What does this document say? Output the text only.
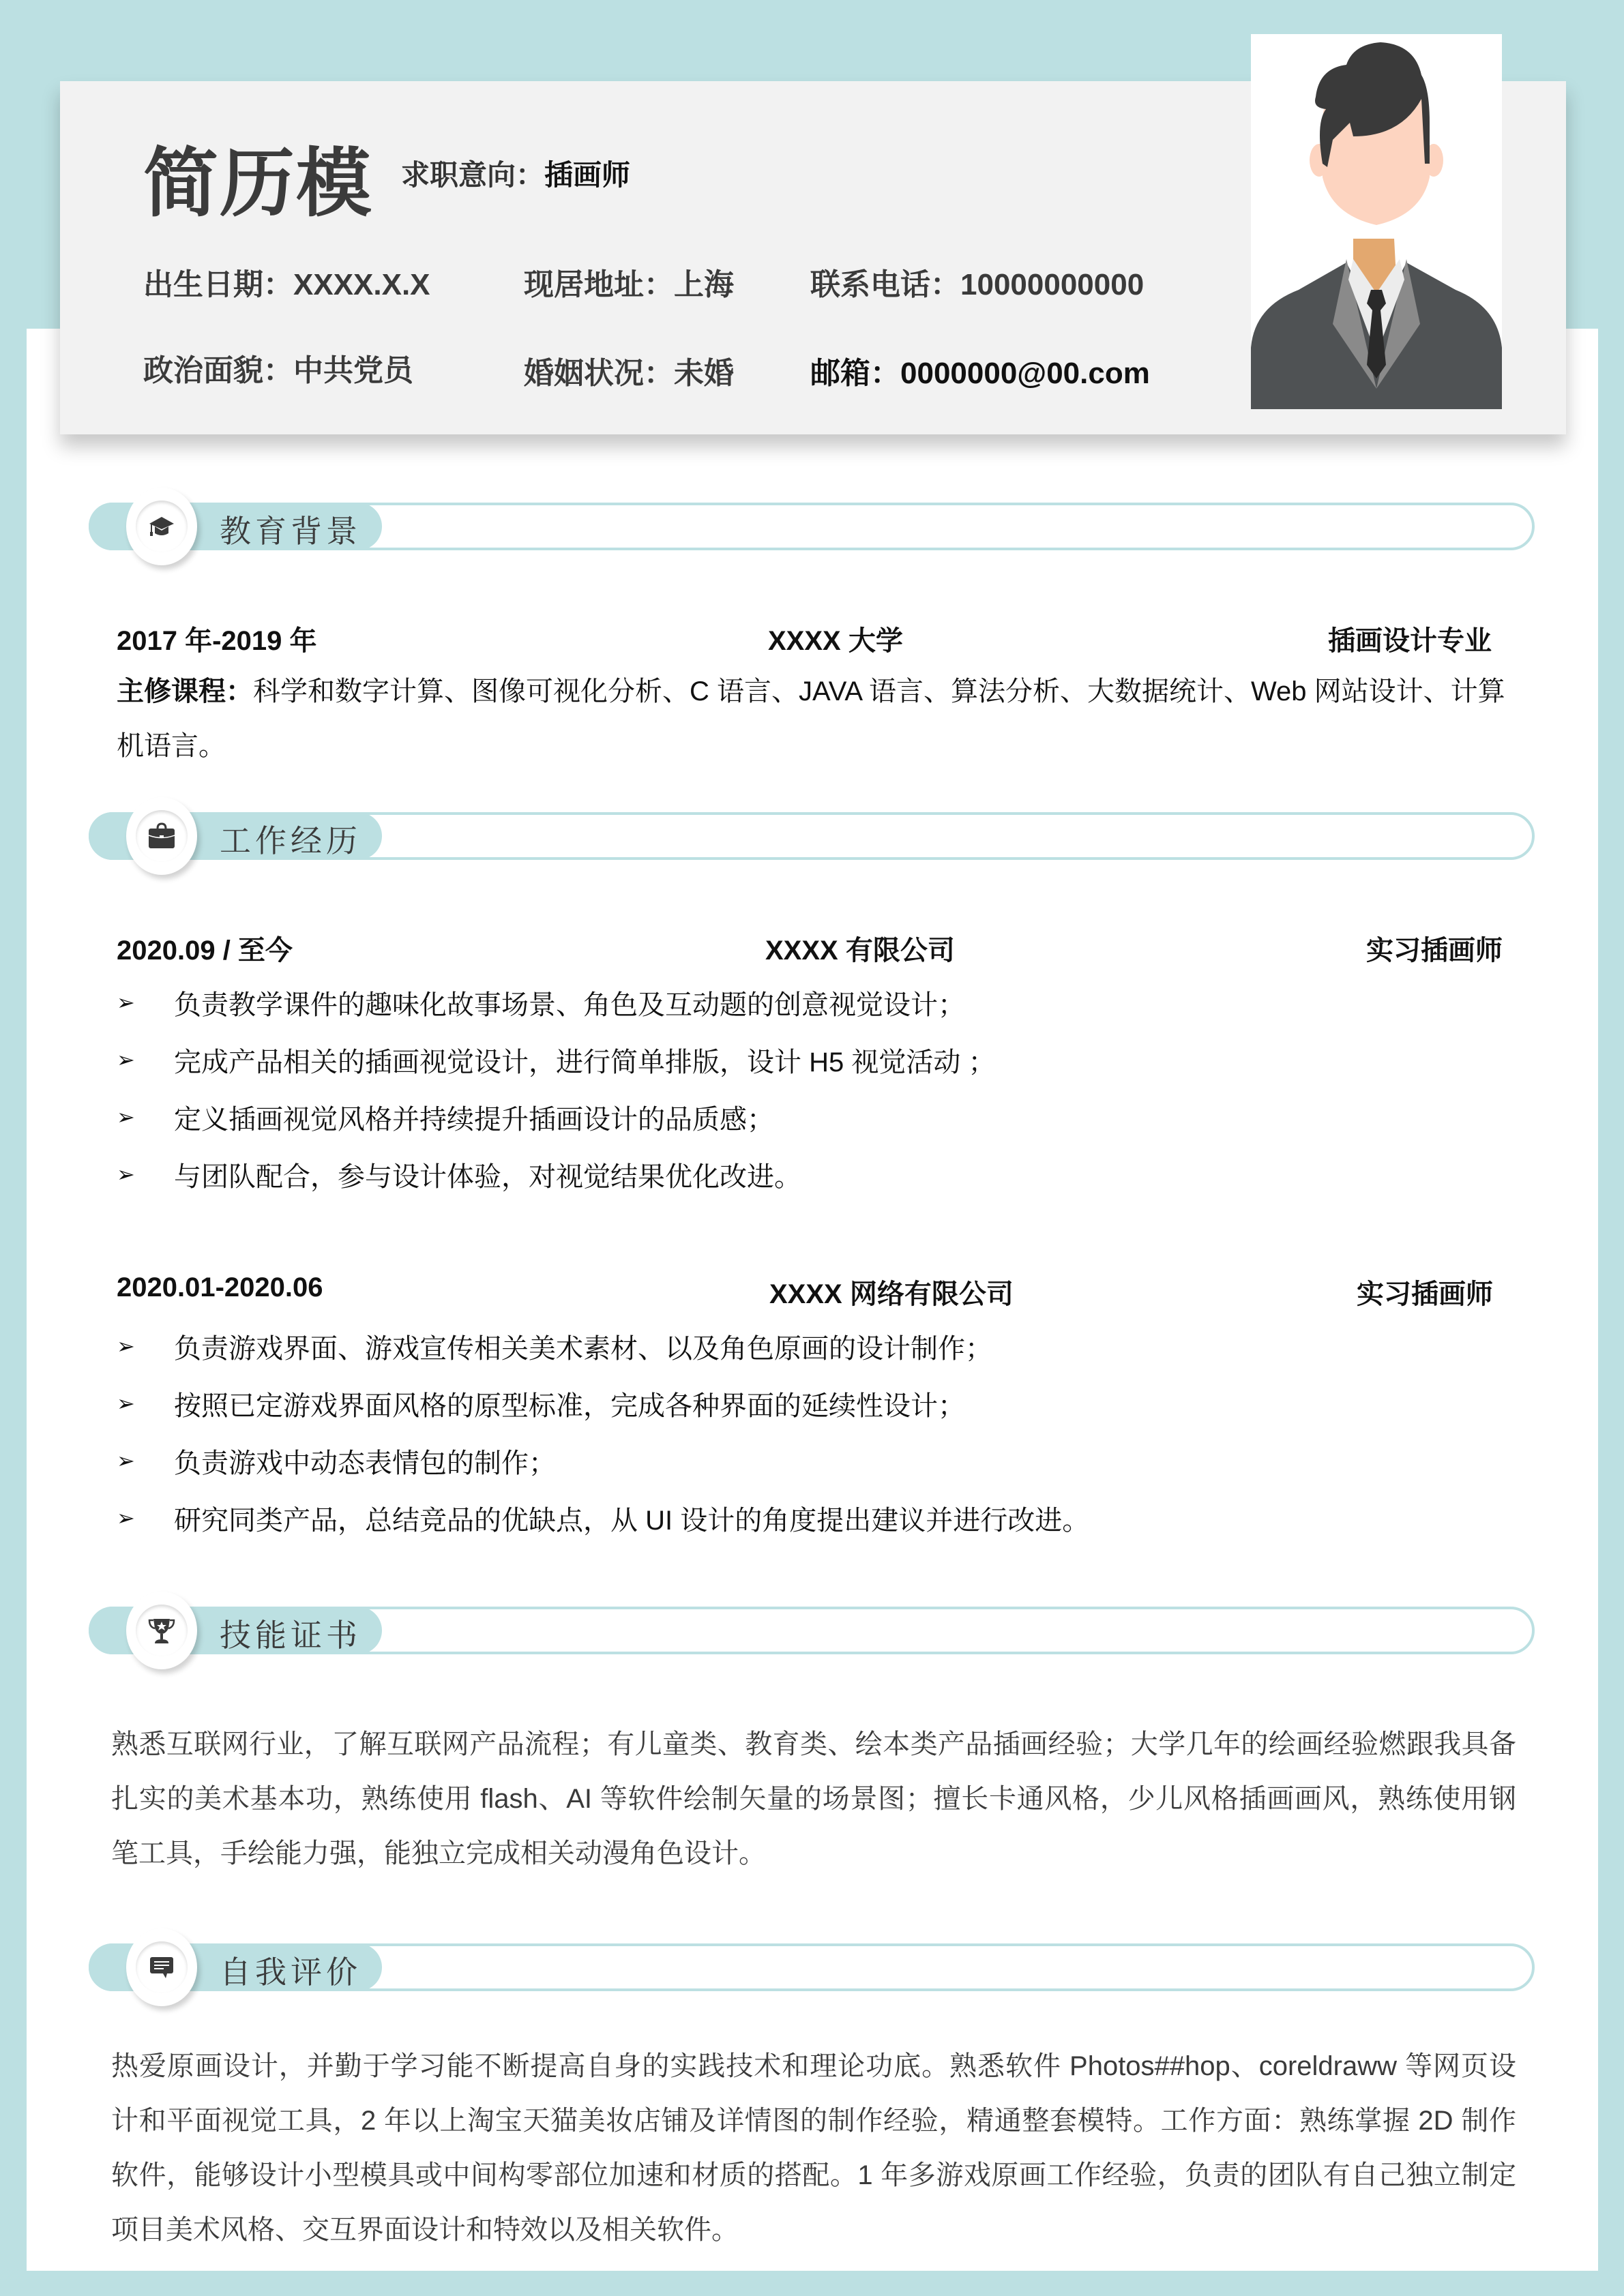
简历模 求职意向：插画师
出生日期：XXXX.X.X	现居地址：上海	联系电话：10000000000
政治面貌：中共党员	婚姻状况：未婚	邮箱：0000000@00.com
教育背景
2017 年-2019 年	XXXX 大学	插画设计专业
主修课程：科学和数字计算、图像可视化分析、C 语言、JAVA 语言、算法分析、大数据统计、Web 网站设计、计算机语言。
工作经历
2020.09 / 至今	XXXX 有限公司	实习插画师
➢	负责教学课件的趣味化故事场景、角色及互动题的创意视觉设计；
➢	完成产品相关的插画视觉设计，进行简单排版，设计 H5 视觉活动 ；
➢	定义插画视觉风格并持续提升插画设计的品质感；
➢	与团队配合，参与设计体验，对视觉结果优化改进。
2020.01-2020.06	XXXX 网络有限公司	实习插画师
➢	负责游戏界面、游戏宣传相关美术素材、以及角色原画的设计制作；
➢	按照已定游戏界面风格的原型标准，完成各种界面的延续性设计；
➢	负责游戏中动态表情包的制作；
➢	研究同类产品，总结竞品的优缺点，从 UI 设计的角度提出建议并进行改进。
技能证书
熟悉互联网行业，了解互联网产品流程；有儿童类、教育类、绘本类产品插画经验；大学几年的绘画经验燃跟我具备扎实的美术基本功，熟练使用 flash、AI 等软件绘制矢量的场景图；擅长卡通风格，少儿风格插画画风，熟练使用钢笔工具，手绘能力强，能独立完成相关动漫角色设计。
自我评价
热爱原画设计，并勤于学习能不断提高自身的实践技术和理论功底。熟悉软件 Photos##hop、coreldraww 等网页设计和平面视觉工具，2 年以上淘宝天猫美妆店铺及详情图的制作经验，精通整套模特。工作方面：熟练掌握 2D 制作软件，能够设计小型模具或中间构零部位加速和材质的搭配。1 年多游戏原画工作经验，负责的团队有自己独立制定项目美术风格、交互界面设计和特效以及相关软件。
